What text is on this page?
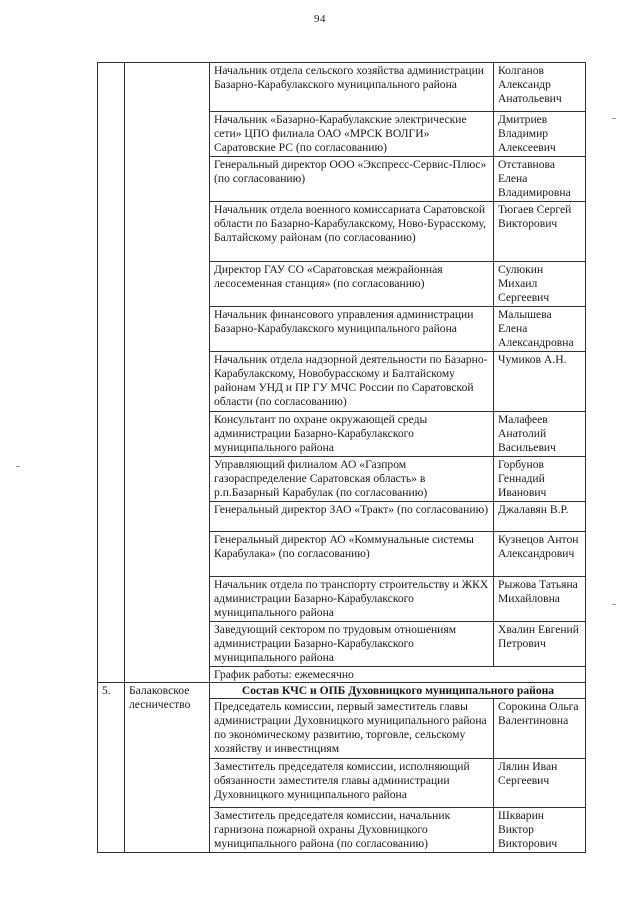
94
		Начальник отдела сельского хозяйства администрации Базарно-Карабулакского муниципального района	Колганов Александр Анатольевич
		Начальник «Базарно-Карабулакские электрические сети» ЦПО филиала ОАО «МРСК ВОЛГИ» Саратовские РС (по согласованию)	Дмитриев Владимир Алексеевич
		Генеральный директор ООО «Экспресс-Сервис-Плюс» (по согласованию)	Отставнова Елена Владимировна
		Начальник отдела военного комиссариата Саратовской области по Базарно-Карабулакскому, Ново-Бурасскому, Балтайскому районам (по согласованию)	Тюгаев Сергей Викторович
		Директор ГАУ СО «Саратовская межрайонная лесосеменная станция» (по согласованию)	Сулюкин Михаил Сергеевич
		Начальник финансового управления администрации Базарно-Карабулакского муниципального района	Малышева Елена Александровна
		Начальник отдела надзорной деятельности по Базарно-Карабулакскому, Новобурасскому и Балтайскому районам УНД и ПР ГУ МЧС России по Саратовской области (по согласованию)	Чумиков А.Н.
		Консультант по охране окружающей среды администрации Базарно-Карабулакского муниципального района	Малафеев Анатолий Васильевич
		Управляющий филиалом АО «Газпром газораспределение Саратовская область» в р.п.Базарный Карабулак (по согласованию)	Горбунов Геннадий Иванович
		Генеральный директор ЗАО «Тракт» (по согласованию)	Джалавян В.Р.
		Генеральный директор АО «Коммунальные системы Карабулака» (по согласованию)	Кузнецов Антон Александрович
		Начальник отдела по транспорту строительству и ЖКХ администрации Базарно-Карабулакского муниципального района	Рыжова Татьяна Михайловна
		Заведующий сектором по трудовым отношениям администрации Базарно-Карабулакского муниципального района	Хвалин Евгений Петрович
		График работы: ежемесячно	
5.	Балаковское лесничество	Состав КЧС и ОПБ Духовницкого муниципального района	
		Председатель комиссии, первый заместитель главы администрации Духовницкого муниципального района по экономическому развитию, торговле, сельскому хозяйству и инвестициям	Сорокина Ольга Валентиновна
		Заместитель председателя комиссии, исполняющий обязанности заместителя главы администрации Духовницкого муниципального района	Лялин Иван Сергеевич
		Заместитель председателя комиссии, начальник гарнизона пожарной охраны Духовницкого муниципального района (по согласованию)	Шкварин Виктор Викторович
